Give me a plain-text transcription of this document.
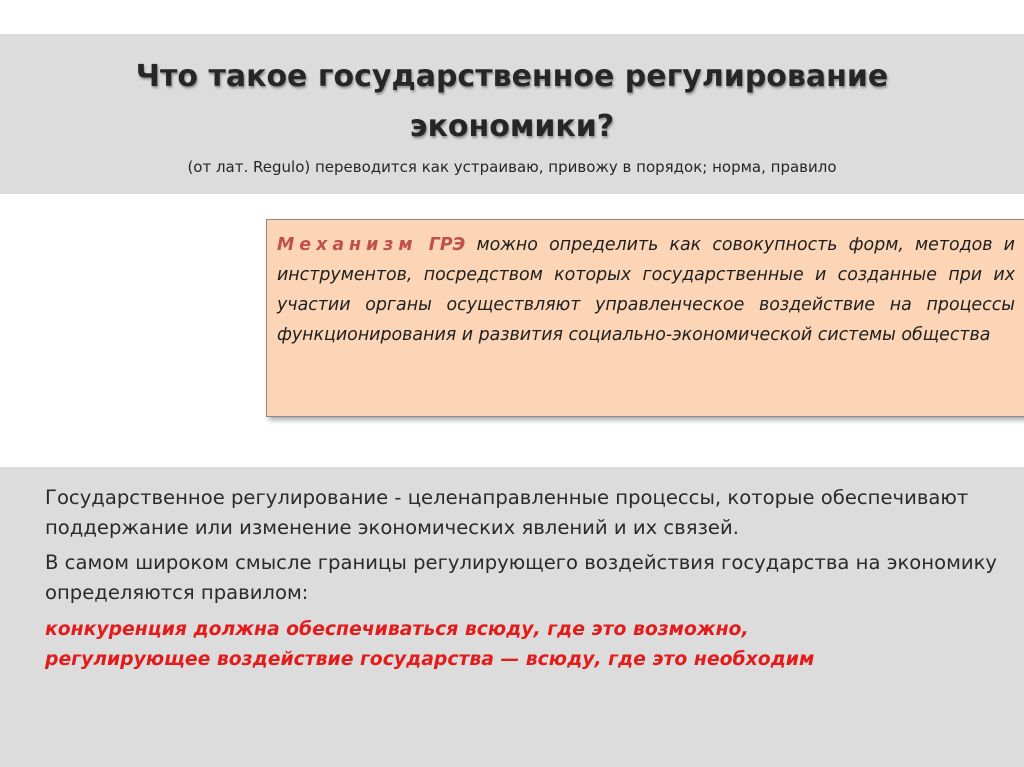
Что такое государственное регулирование
экономики?
(от лат. Regulo) переводится как устраиваю, привожу в порядок; норма, правило
Механизм ГРЭ можно определить как совокупность форм, методов и инструментов, посредством которых государственные и созданные при их участии органы осуществляют управленческое воздействие на процессы функционирования и развития социально-экономической системы общества

Государственное регулирование - целенаправленные процессы, которые обеспечивают поддержание или изменение экономических явлений и их связей.

В самом широком смысле границы регулирующего воздействия государства на экономику определяются правилом:

конкуренция должна обеспечиваться всюду, где это возможно,
регулирующее воздействие государства — всюду, где это необходим
